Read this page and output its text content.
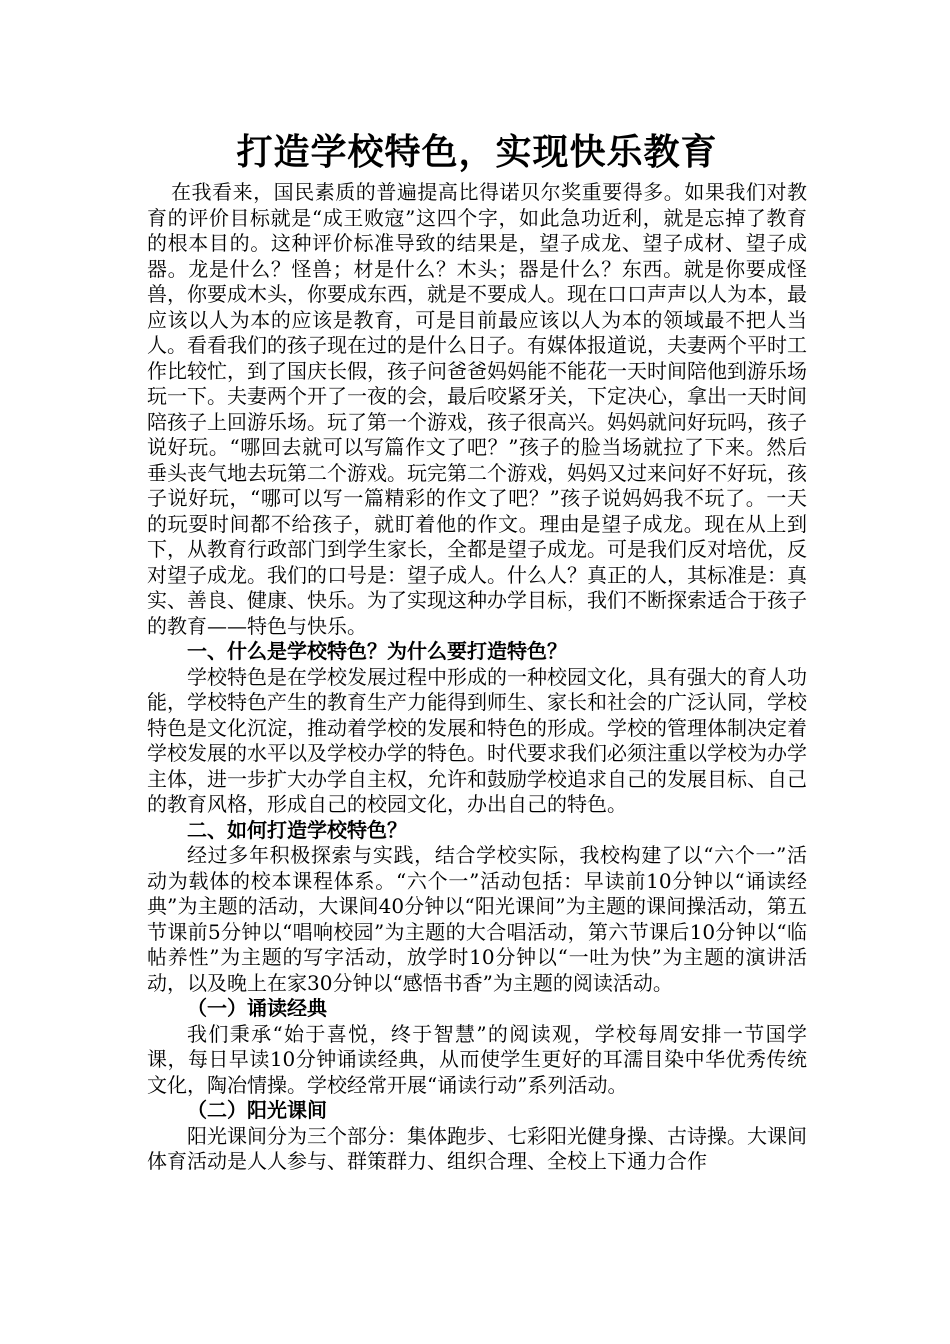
打造学校特色，实现快乐教育

在我看来，国民素质的普遍提高比得诺贝尔奖重要得多。如果我们对教育的评价目标就是“成王败寇”这四个字，如此急功近利，就是忘掉了教育的根本目的。这种评价标准导致的结果是，望子成龙、望子成材、望子成器。龙是什么？怪兽；材是什么？木头；器是什么？东西。就是你要成怪兽，你要成木头，你要成东西，就是不要成人。现在口口声声以人为本，最应该以人为本的应该是教育，可是目前最应该以人为本的领域最不把人当人。看看我们的孩子现在过的是什么日子。有媒体报道说，夫妻两个平时工作比较忙，到了国庆长假，孩子问爸爸妈妈能不能花一天时间陪他到游乐场玩一下。夫妻两个开了一夜的会，最后咬紧牙关，下定决心，拿出一天时间陪孩子上回游乐场。玩了第一个游戏，孩子很高兴。妈妈就问好玩吗，孩子说好玩。“哪回去就可以写篇作文了吧？”孩子的脸当场就拉了下来。然后垂头丧气地去玩第二个游戏。玩完第二个游戏，妈妈又过来问好不好玩，孩子说好玩，“哪可以写一篇精彩的作文了吧？”孩子说妈妈我不玩了。一天的玩耍时间都不给孩子，就盯着他的作文。理由是望子成龙。现在从上到下，从教育行政部门到学生家长，全都是望子成龙。可是我们反对培优，反对望子成龙。我们的口号是：望子成人。什么人？真正的人，其标准是：真实、善良、健康、快乐。为了实现这种办学目标，我们不断探索适合于孩子的教育——特色与快乐。

一、什么是学校特色？为什么要打造特色？

学校特色是在学校发展过程中形成的一种校园文化，具有强大的育人功能，学校特色产生的教育生产力能得到师生、家长和社会的广泛认同，学校特色是文化沉淀，推动着学校的发展和特色的形成。学校的管理体制决定着学校发展的水平以及学校办学的特色。时代要求我们必须注重以学校为办学主体，进一步扩大办学自主权，允许和鼓励学校追求自己的发展目标、自己的教育风格，形成自己的校园文化，办出自己的特色。

二、如何打造学校特色？

经过多年积极探索与实践，结合学校实际，我校构建了以“六个一”活动为载体的校本课程体系。“六个一”活动包括：早读前10分钟以“诵读经典”为主题的活动，大课间40分钟以“阳光课间”为主题的课间操活动，第五节课前5分钟以“唱响校园”为主题的大合唱活动，第六节课后10分钟以“临帖养性”为主题的写字活动，放学时10分钟以“一吐为快”为主题的演讲活动，以及晚上在家30分钟以“感悟书香”为主题的阅读活动。

（一）诵读经典

我们秉承“始于喜悦，终于智慧”的阅读观，学校每周安排一节国学课，每日早读10分钟诵读经典，从而使学生更好的耳濡目染中华优秀传统文化，陶冶情操。学校经常开展“诵读行动”系列活动。

（二）阳光课间

阳光课间分为三个部分：集体跑步、七彩阳光健身操、古诗操。大课间体育活动是人人参与、群策群力、组织合理、全校上下通力合作
